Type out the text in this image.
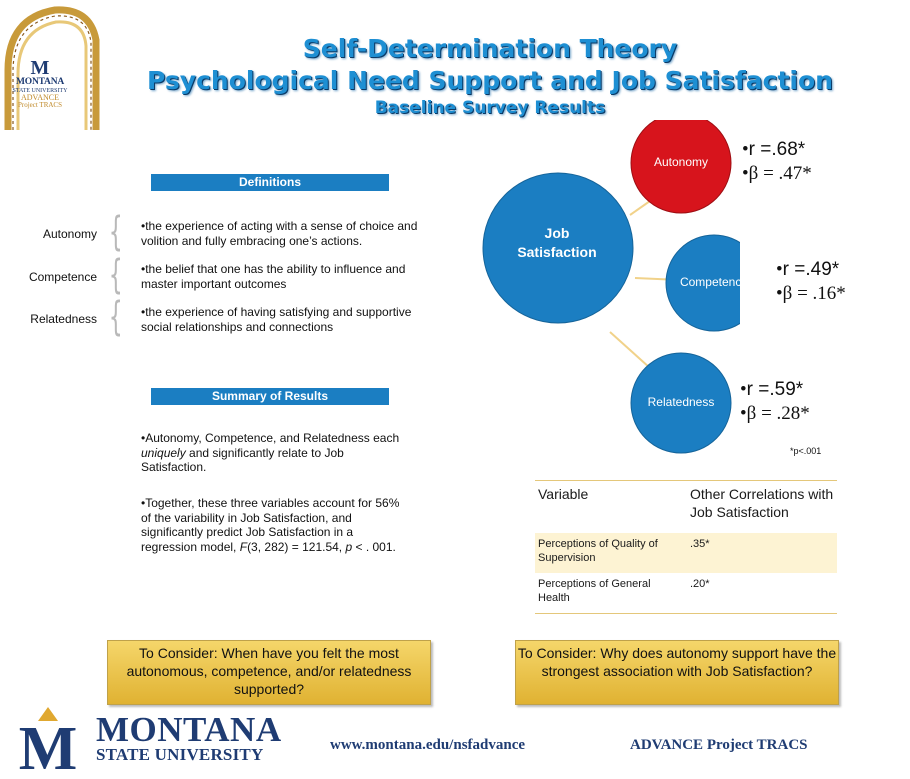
M
MONTANA
STATE UNIVERSITY
ADVANCE
Project TRACS
Self-Determination Theory
Psychological Need Support and Job Satisfaction
Baseline Survey Results
Definitions
Autonomy { •the experience of acting with a sense of choice and volition and fully embracing one’s actions.
Competence { •the belief that one has the ability to influence and master important outcomes
Relatedness { •the experience of having satisfying and supportive social relationships and connections
Summary of Results
•Autonomy, Competence, and Relatedness each uniquely and significantly relate to Job Satisfaction.
•Together, these three variables account for 56% of the variability in Job Satisfaction, and significantly predict Job Satisfaction in a regression model, F(3, 282) = 121.54, p < . 001.
Job
Satisfaction
Autonomy
Competence
Relatedness
•r =.68*
•β = .47*
•r =.49*
•β = .16*
•r =.59*
•β = .28*
*p<.001
Variable	Other Correlations with Job Satisfaction
Perceptions of Quality of Supervision	.35*
Perceptions of General Health	.20*
To Consider: When have you felt the most autonomous, competence, and/or relatedness supported?
To Consider: Why does autonomy support have the strongest association with Job Satisfaction?
M MONTANA
STATE UNIVERSITY	www.montana.edu/nsfadvance	ADVANCE Project TRACS
